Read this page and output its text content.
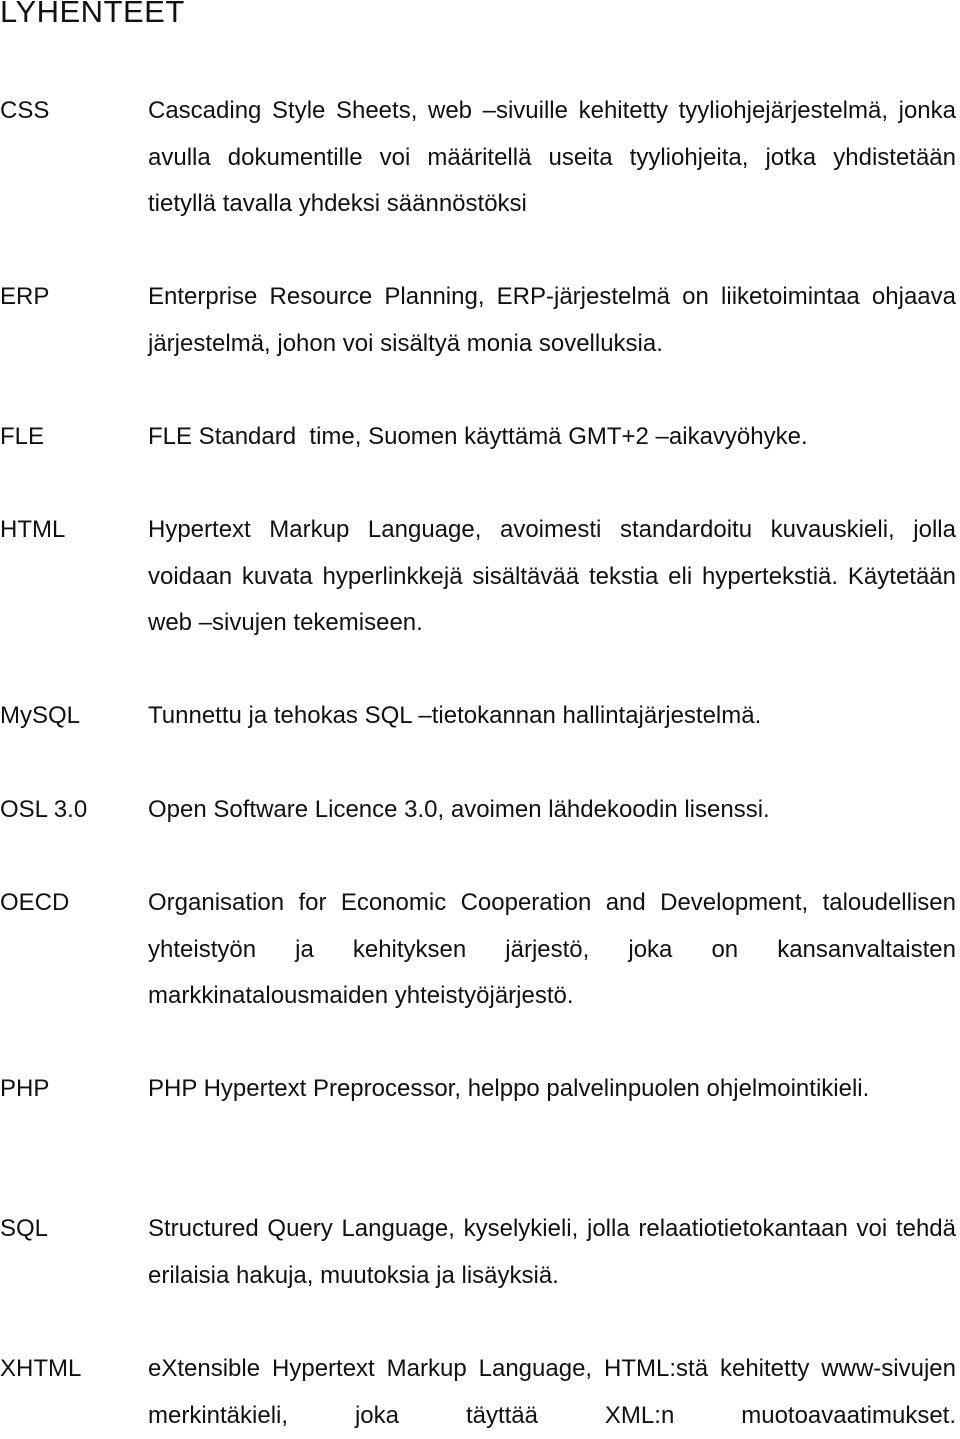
LYHENTEET
CSS	Cascading Style Sheets, web –sivuille kehitetty tyyliohjejärjestelmä, jonka avulla dokumentille voi määritellä useita tyyliohjeita, jotka yhdistetään tietyllä tavalla yhdeksi säännöstöksi
ERP	Enterprise Resource Planning, ERP-järjestelmä on liiketoimintaa ohjaava järjestelmä, johon voi sisältyä monia sovelluksia.
FLE	FLE Standard  time, Suomen käyttämä GMT+2 –aikavyöhyke.
HTML	Hypertext Markup Language, avoimesti standardoitu kuvauskieli, jolla voidaan kuvata hyperlinkkejä sisältävää tekstia eli hypertekstiä. Käytetään web –sivujen tekemiseen.
MySQL	Tunnettu ja tehokas SQL –tietokannan hallintajärjestelmä.
OSL 3.0	Open Software Licence 3.0, avoimen lähdekoodin lisenssi.
OECD	Organisation for Economic Cooperation and Development, taloudellisen yhteistyön ja kehityksen järjestö, joka on kansanvaltaisten markkinatalousmaiden yhteistyöjärjestö.
PHP	PHP Hypertext Preprocessor, helppo palvelinpuolen ohjelmointikieli.
SQL	Structured Query Language, kyselykieli, jolla relaatiotietokantaan voi tehdä erilaisia hakuja, muutoksia ja lisäyksiä.
XHTML	eXtensible Hypertext Markup Language, HTML:stä kehitetty www-sivujen merkintäkieli, joka täyttää XML:n muotoavaatimukset.
